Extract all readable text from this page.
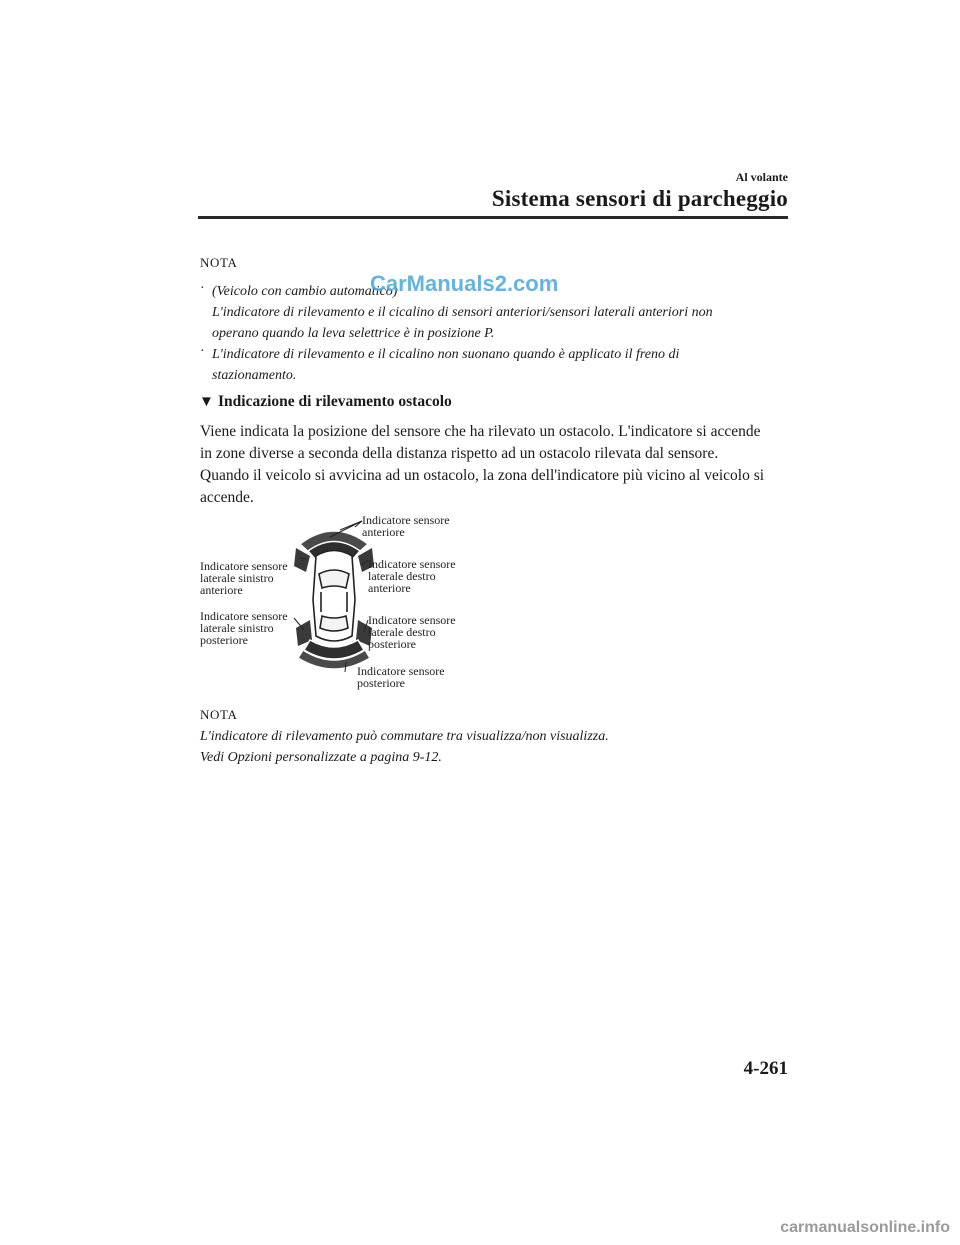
Al volante
Sistema sensori di parcheggio
NOTA
· (Veicolo con cambio automatico)
CarManuals2.com
L'indicatore di rilevamento e il cicalino di sensori anteriori/sensori laterali anteriori non
operano quando la leva selettrice è in posizione P.
· L'indicatore di rilevamento e il cicalino non suonano quando è applicato il freno di
stazionamento.
▼ Indicazione di rilevamento ostacolo
Viene indicata la posizione del sensore che ha rilevato un ostacolo. L'indicatore si accende
in zone diverse a seconda della distanza rispetto ad un ostacolo rilevata dal sensore.
Quando il veicolo si avvicina ad un ostacolo, la zona dell'indicatore più vicino al veicolo si
accende.
Indicatore sensore
anteriore
Indicatore sensore
laterale sinistro
anteriore
Indicatore sensore
laterale destro
anteriore
Indicatore sensore
laterale sinistro
posteriore
Indicatore sensore
laterale destro
posteriore
Indicatore sensore
posteriore
NOTA
L'indicatore di rilevamento può commutare tra visualizza/non visualizza.
Vedi Opzioni personalizzate a pagina 9-12.
4-261
carmanualsonline.info
